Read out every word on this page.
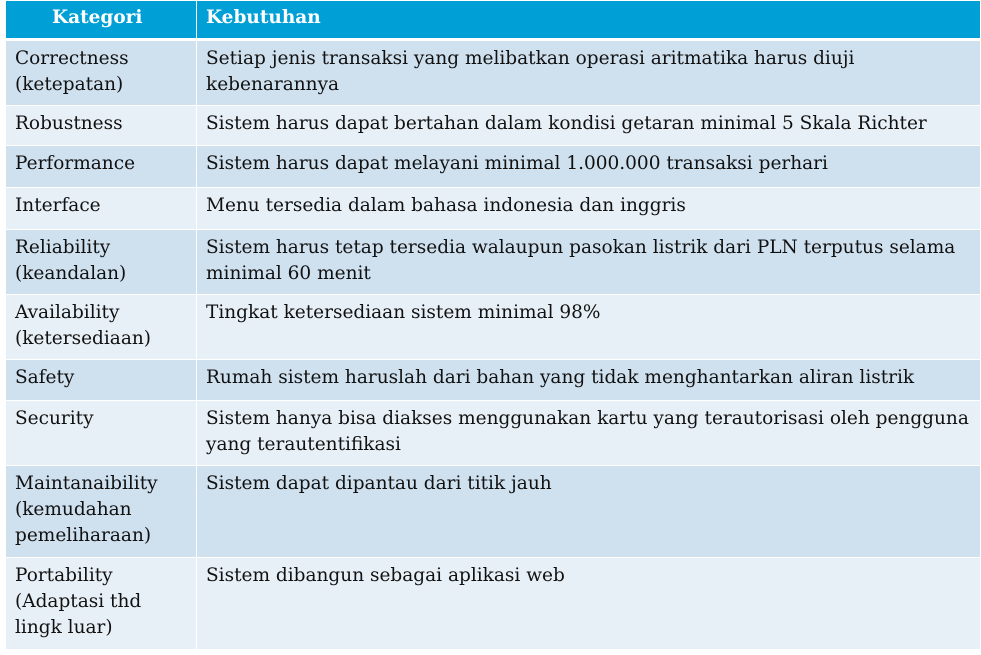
Kategori	Kebutuhan
Correctness (ketepatan)	Setiap jenis transaksi yang melibatkan operasi aritmatika harus diuji kebenarannya
Robustness	Sistem harus dapat bertahan dalam kondisi getaran minimal 5 Skala Richter
Performance	Sistem harus dapat melayani minimal 1.000.000 transaksi perhari
Interface	Menu tersedia dalam bahasa indonesia dan inggris
Reliability (keandalan)	Sistem harus tetap tersedia walaupun pasokan listrik dari PLN terputus selama minimal 60 menit
Availability (ketersediaan)	Tingkat ketersediaan sistem minimal 98%
Safety	Rumah sistem haruslah dari bahan yang tidak menghantarkan aliran listrik
Security	Sistem hanya bisa diakses menggunakan kartu yang terautorisasi oleh pengguna yang terautentifikasi
Maintanaibility (kemudahan pemeliharaan)	Sistem dapat dipantau dari titik jauh
Portability (Adaptasi thd lingk luar)	Sistem dibangun sebagai aplikasi web
